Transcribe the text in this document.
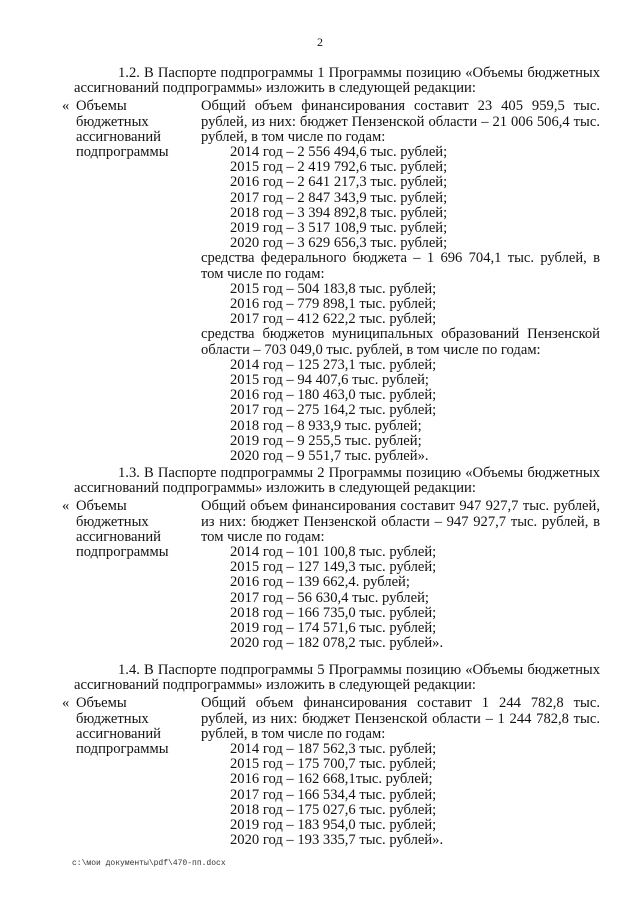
2
1.2. В Паспорте подпрограммы 1 Программы позицию «Объемы бюджетных ассигнований подпрограммы» изложить в следующей редакции:
« Объемы
бюджетных
ассигнований
подпрограммы
Общий объем финансирования составит 23 405 959,5 тыс. рублей, из них: бюджет Пензенской области – 21 006 506,4 тыс. рублей, в том числе по годам:
2014 год – 2 556 494,6 тыс. рублей;
2015 год – 2 419 792,6 тыс. рублей;
2016 год – 2 641 217,3 тыс. рублей;
2017 год – 2 847 343,9 тыс. рублей;
2018 год – 3 394 892,8 тыс. рублей;
2019 год – 3 517 108,9 тыс. рублей;
2020 год – 3 629 656,3 тыс. рублей;
средства федерального бюджета – 1 696 704,1 тыс. рублей, в том числе по годам:
2015 год – 504 183,8 тыс. рублей;
2016 год – 779 898,1 тыс. рублей;
2017 год – 412 622,2 тыс. рублей;
средства бюджетов муниципальных образований Пензенской области – 703 049,0 тыс. рублей, в том числе по годам:
2014 год – 125 273,1 тыс. рублей;
2015 год – 94 407,6 тыс. рублей;
2016 год – 180 463,0 тыс. рублей;
2017 год – 275 164,2 тыс. рублей;
2018 год – 8 933,9 тыс. рублей;
2019 год – 9 255,5 тыс. рублей;
2020 год – 9 551,7 тыс. рублей».
1.3. В Паспорте подпрограммы 2 Программы позицию «Объемы бюджетных ассигнований подпрограммы» изложить в следующей редакции:
« Объемы
бюджетных
ассигнований
подпрограммы
Общий объем финансирования составит 947 927,7 тыс. рублей, из них: бюджет Пензенской области – 947 927,7 тыс. рублей, в том числе по годам:
2014 год – 101 100,8 тыс. рублей;
2015 год – 127 149,3 тыс. рублей;
2016 год – 139 662,4. рублей;
2017 год – 56 630,4 тыс. рублей;
2018 год – 166 735,0 тыс. рублей;
2019 год – 174 571,6 тыс. рублей;
2020 год – 182 078,2 тыс. рублей».
1.4. В Паспорте подпрограммы 5 Программы позицию «Объемы бюджетных ассигнований подпрограммы» изложить в следующей редакции:
« Объемы
бюджетных
ассигнований
подпрограммы
Общий объем финансирования составит 1 244 782,8 тыс. рублей, из них: бюджет Пензенской области – 1 244 782,8 тыс. рублей, в том числе по годам:
2014 год – 187 562,3 тыс. рублей;
2015 год – 175 700,7 тыс. рублей;
2016 год – 162 668,1тыс. рублей;
2017 год – 166 534,4 тыс. рублей;
2018 год – 175 027,6 тыс. рублей;
2019 год – 183 954,0 тыс. рублей;
2020 год – 193 335,7 тыс. рублей».
c:\мои документы\pdf\470-пп.docx
